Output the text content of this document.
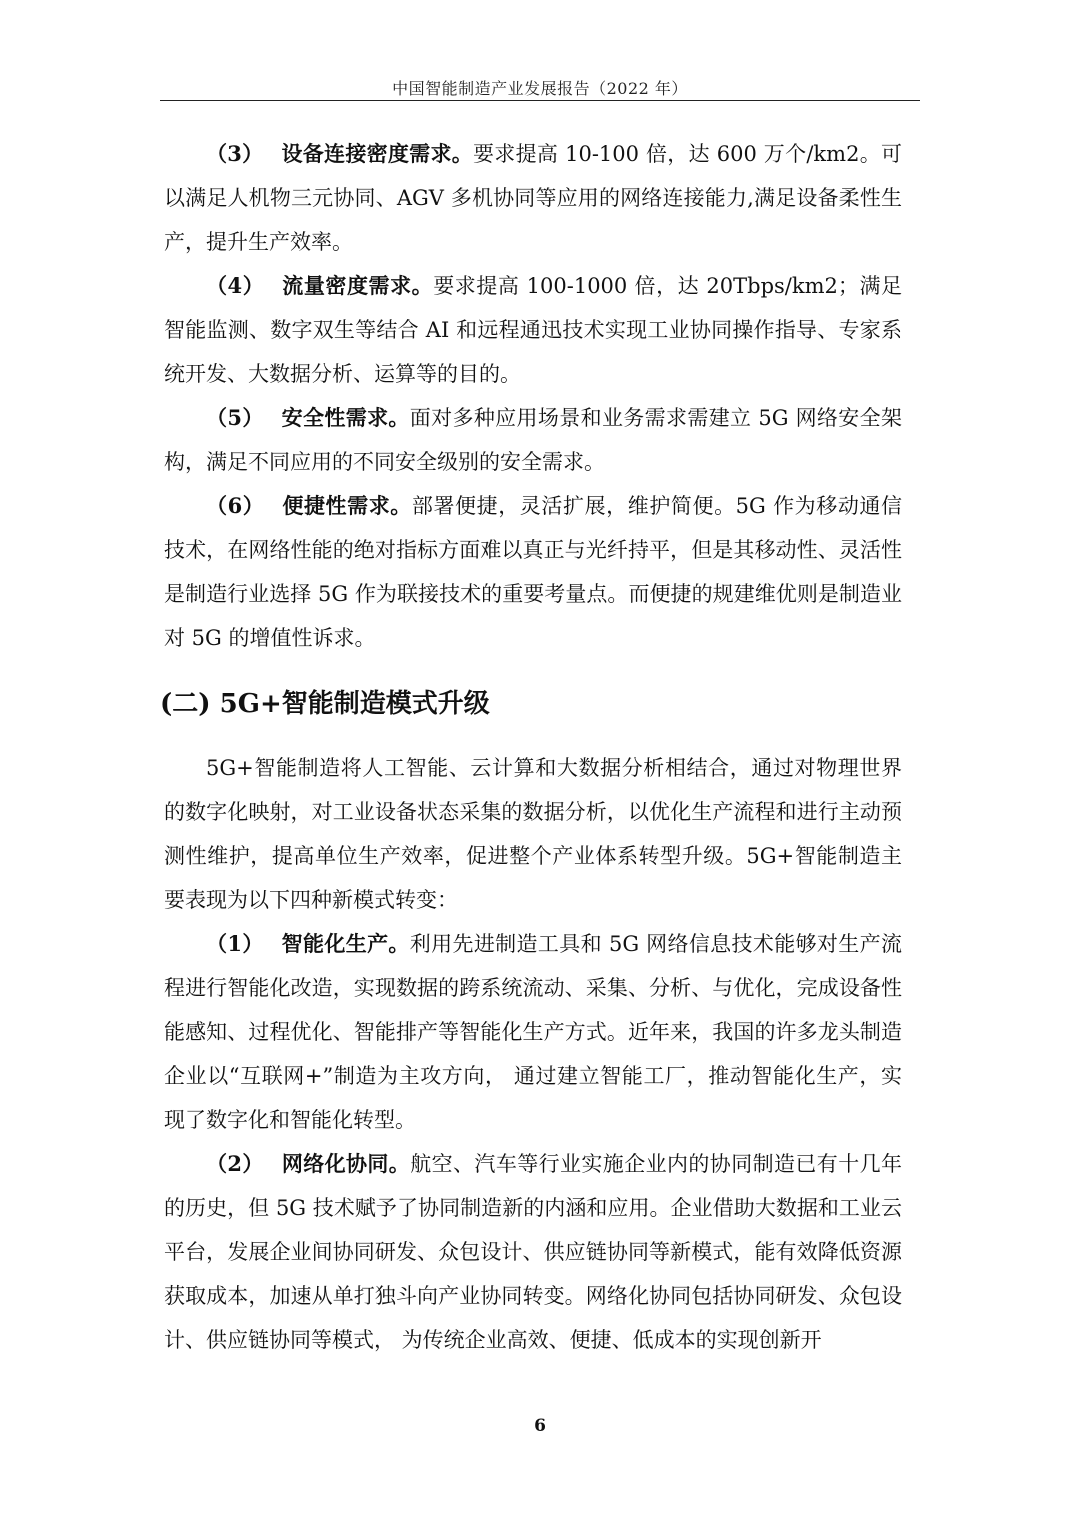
中国智能制造产业发展报告（2022 年）

（3） 设备连接密度需求。要求提高 10-100 倍，达 600 万个/km2。可以满足人机物三元协同、AGV 多机协同等应用的网络连接能力,满足设备柔性生产，提升生产效率。

（4） 流量密度需求。要求提高 100-1000 倍，达 20Tbps/km2；满足智能监测、数字双生等结合 AI 和远程通迅技术实现工业协同操作指导、专家系统开发、大数据分析、运算等的目的。

（5） 安全性需求。面对多种应用场景和业务需求需建立 5G 网络安全架构，满足不同应用的不同安全级别的安全需求。

（6） 便捷性需求。部署便捷，灵活扩展，维护简便。5G 作为移动通信技术，在网络性能的绝对指标方面难以真正与光纤持平，但是其移动性、灵活性是制造行业选择 5G 作为联接技术的重要考量点。而便捷的规建维优则是制造业对 5G 的增值性诉求。

(二) 5G+智能制造模式升级

5G+智能制造将人工智能、云计算和大数据分析相结合，通过对物理世界的数字化映射，对工业设备状态采集的数据分析，以优化生产流程和进行主动预测性维护，提高单位生产效率，促进整个产业体系转型升级。5G+智能制造主要表现为以下四种新模式转变：

（1） 智能化生产。利用先进制造工具和 5G 网络信息技术能够对生产流程进行智能化改造，实现数据的跨系统流动、采集、分析、与优化，完成设备性能感知、过程优化、智能排产等智能化生产方式。近年来，我国的许多龙头制造企业以“互联网+”制造为主攻方向， 通过建立智能工厂，推动智能化生产，实现了数字化和智能化转型。

（2） 网络化协同。航空、汽车等行业实施企业内的协同制造已有十几年的历史，但 5G 技术赋予了协同制造新的内涵和应用。企业借助大数据和工业云平台，发展企业间协同研发、众包设计、供应链协同等新模式，能有效降低资源获取成本，加速从单打独斗向产业协同转变。网络化协同包括协同研发、众包设计、供应链协同等模式， 为传统企业高效、便捷、低成本的实现创新开

6
